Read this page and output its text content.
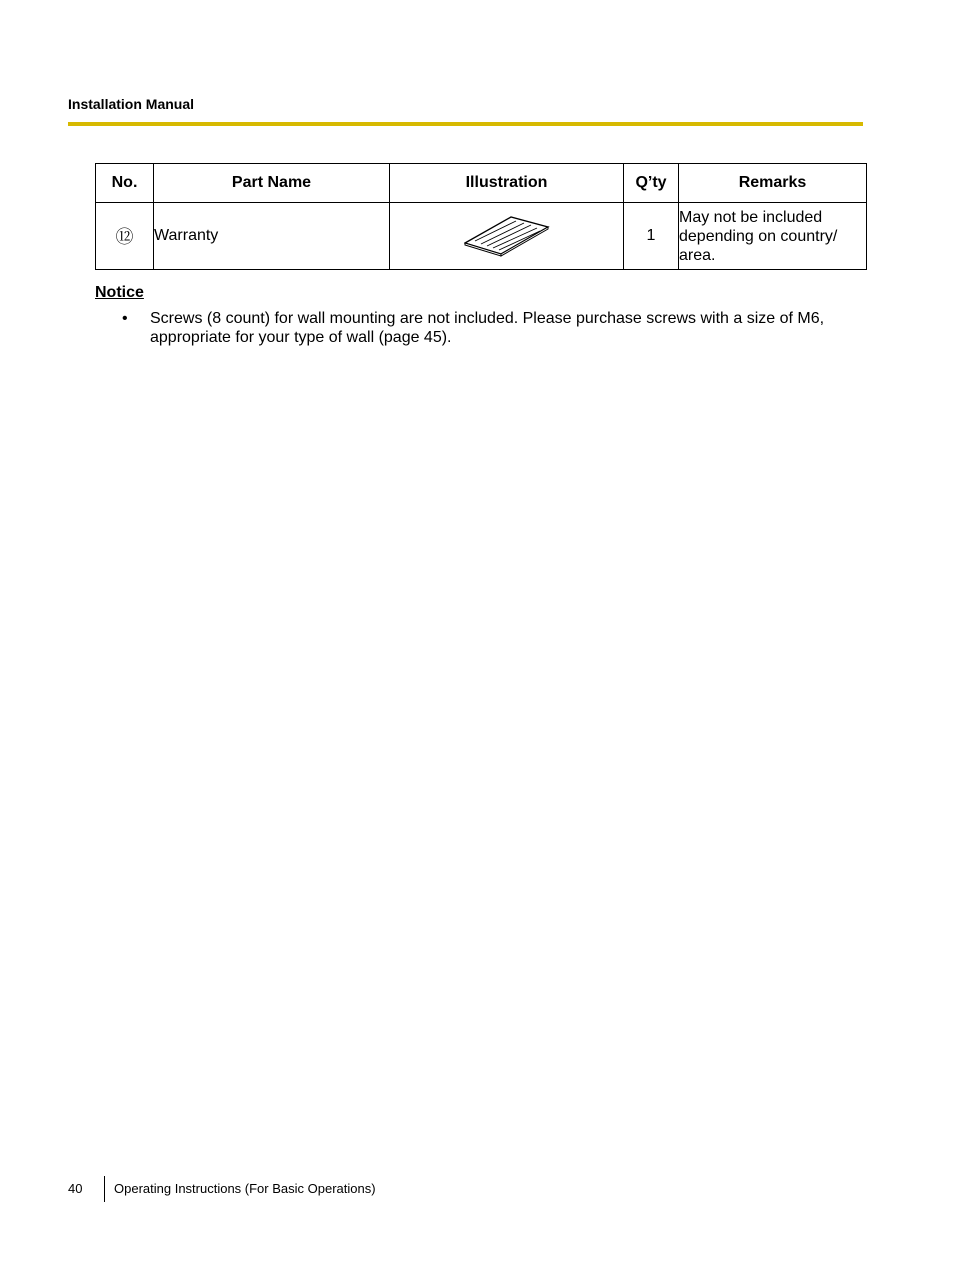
Installation Manual
No.	Part Name	Illustration	Q’ty	Remarks
⑫	Warranty		1	May not be included depending on country/ area.
Notice
• Screws (8 count) for wall mounting are not included. Please purchase screws with a size of M6, appropriate for your type of wall (page 45).
40 Operating Instructions (For Basic Operations)
